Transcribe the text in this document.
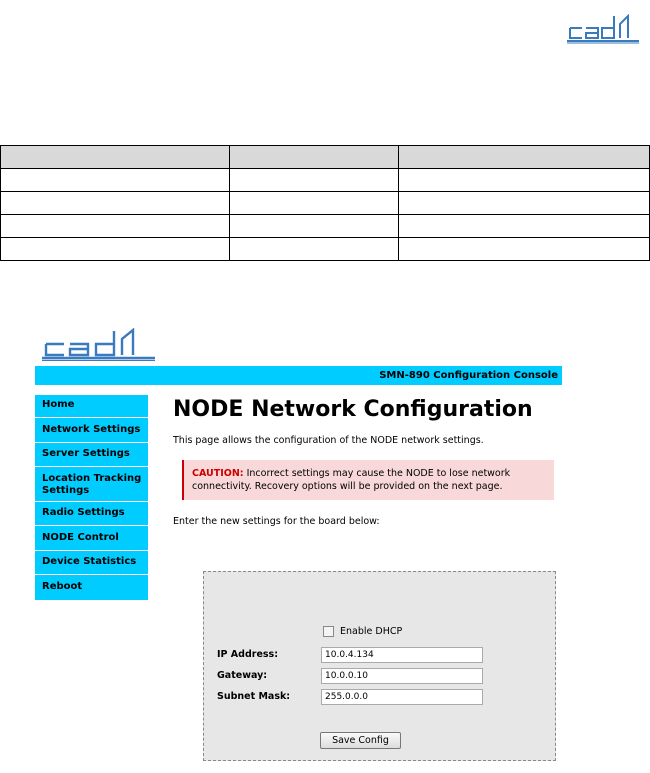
SMN-890 Configuration Console
Home
Network Settings
Server Settings
Location Tracking Settings
Radio Settings
NODE Control
Device Statistics
Reboot
NODE Network Configuration
This page allows the configuration of the NODE network settings.
CAUTION: Incorrect settings may cause the NODE to lose network connectivity. Recovery options will be provided on the next page.
Enter the new settings for the board below:
Enable DHCP
IP Address:	10.0.4.134
Gateway:	10.0.0.10
Subnet Mask:	255.0.0.0
Save Config
